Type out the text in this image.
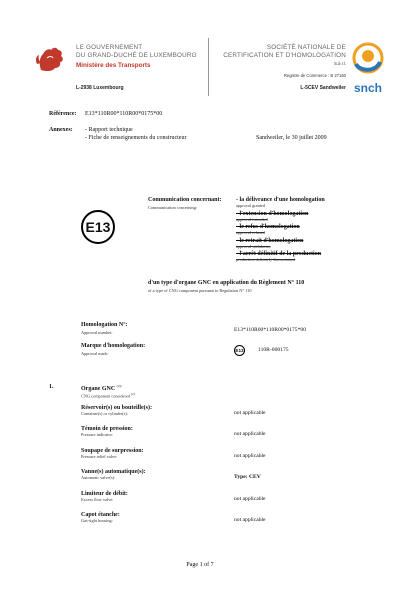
LE GOUVERNEMENT
DU GRAND-DUCHÉ DE LUXEMBOURG
Ministère des Transports
L-2938 Luxembourg
SOCIÉTÉ NATIONALE DE
CERTIFICATION ET D'HOMOLOGATION
S.à r.l.
Registre de Commerce : B 27160
L-5CEV Sandweiler snch
Référence: E13*110R00*110R00*0175*00
Annexes: - Rapport technique
- Fiche de renseignements du constructeur	Sandweiler, le 30 juillet 2009
E13
Communication concernant:
Communication concerning:
- la délivrance d'une homologation
approval granted
- l'extension d'homologation
approval extended
- le refus d'homologation
approval refused
- le retrait d'homologation
approval withdrawn
- l'arrêt définitif de la production
production definitely discontinued
d'un type d'organe GNC en application du Règlement N° 110
of a type of CNG component pursuant to Regulation N° 110
Homologation N°:
Approval number:	E13*110R00*110R00*0175*00
Marque d'homologation:
Approval mark:
E13	110R-000175
1.	Organe GNC $^{(2):}$
CNG component considered $^{(2):}$
Réservoir(s) ou bouteille(s):
Container(s) or cylinder(s):	not applicable
Témoin de pression:
Pressure indicator:	not applicable
Soupape de surpression:
Pressure relief valve:	not applicable
Vanne(s) automatique(s):
Automatic valve(s):	Type: CEV
Limiteur de débit:
Excess flow valve:	not applicable
Capot étanche:
Gas-tight housing:	not applicable
Page 1 of 7
